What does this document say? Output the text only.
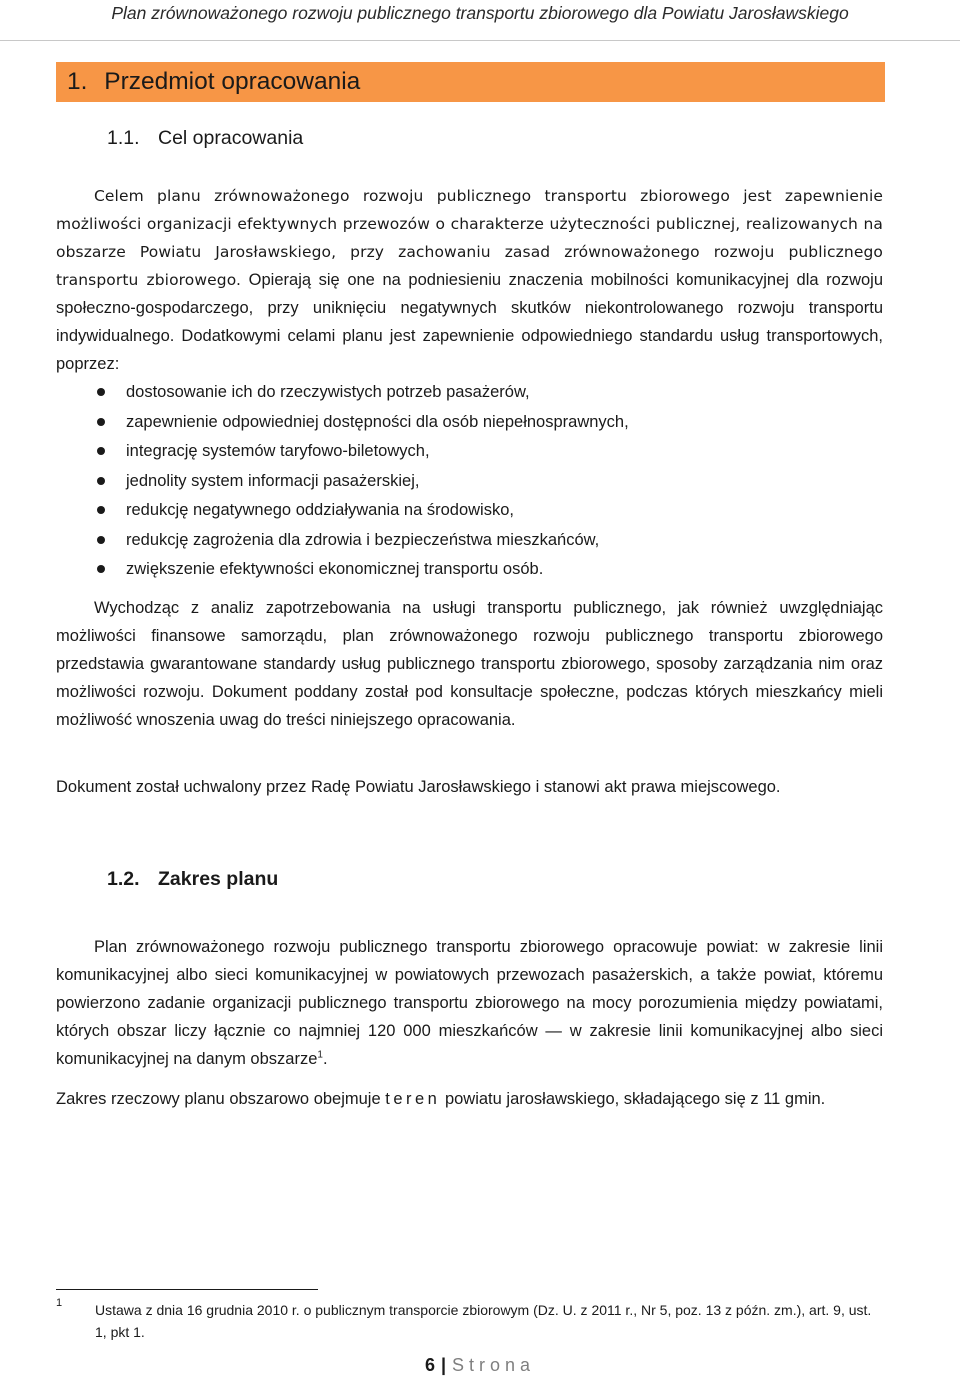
Plan zrównoważonego rozwoju publicznego transportu zbiorowego dla Powiatu Jarosławskiego
1. Przedmiot opracowania
1.1. Cel opracowania

Celem planu zrównoważonego rozwoju publicznego transportu zbiorowego jest zapewnienie możliwości organizacji efektywnych przewozów o charakterze użyteczności publicznej, realizowanych na obszarze Powiatu Jarosławskiego, przy zachowaniu zasad zrównoważonego rozwoju publicznego transportu zbiorowego. Opierają się one na podniesieniu znaczenia mobilności komunikacyjnej dla rozwoju społeczno-gospodarczego, przy uniknięciu negatywnych skutków niekontrolowanego rozwoju transportu indywidualnego. Dodatkowymi celami planu jest zapewnienie odpowiedniego standardu usług transportowych, poprzez:

dostosowanie ich do rzeczywistych potrzeb pasażerów,
zapewnienie odpowiedniej dostępności dla osób niepełnosprawnych,
integrację systemów taryfowo-biletowych,
jednolity system informacji pasażerskiej,
redukcję negatywnego oddziaływania na środowisko,
redukcję zagrożenia dla zdrowia i bezpieczeństwa mieszkańców,
zwiększenie efektywności ekonomicznej transportu osób.

Wychodząc z analiz zapotrzebowania na usługi transportu publicznego, jak również uwzględniając możliwości finansowe samorządu, plan zrównoważonego rozwoju publicznego transportu zbiorowego przedstawia gwarantowane standardy usług publicznego transportu zbiorowego, sposoby zarządzania nim oraz możliwości rozwoju. Dokument poddany został pod konsultacje społeczne, podczas których mieszkańcy mieli możliwość wnoszenia uwag do treści niniejszego opracowania.

Dokument został uchwalony przez Radę Powiatu Jarosławskiego i stanowi akt prawa miejscowego.

1.2. Zakres planu

Plan zrównoważonego rozwoju publicznego transportu zbiorowego opracowuje powiat: w zakresie linii komunikacyjnej albo sieci komunikacyjnej w powiatowych przewozach pasażerskich, a także powiat, któremu powierzono zadanie organizacji publicznego transportu zbiorowego na mocy porozumienia między powiatami, których obszar liczy łącznie co najmniej 120 000 mieszkańców — w zakresie linii komunikacyjnej albo sieci komunikacyjnej na danym obszarze$^1$.

Zakres rzeczowy planu obszarowo obejmuje teren powiatu jarosławskiego, składającego się z 11 gmin.

1 Ustawa z dnia 16 grudnia 2010 r. o publicznym transporcie zbiorowym (Dz. U. z 2011 r., Nr 5, poz. 13 z późn. zm.), art. 9, ust. 1, pkt 1.
6 | Strona
